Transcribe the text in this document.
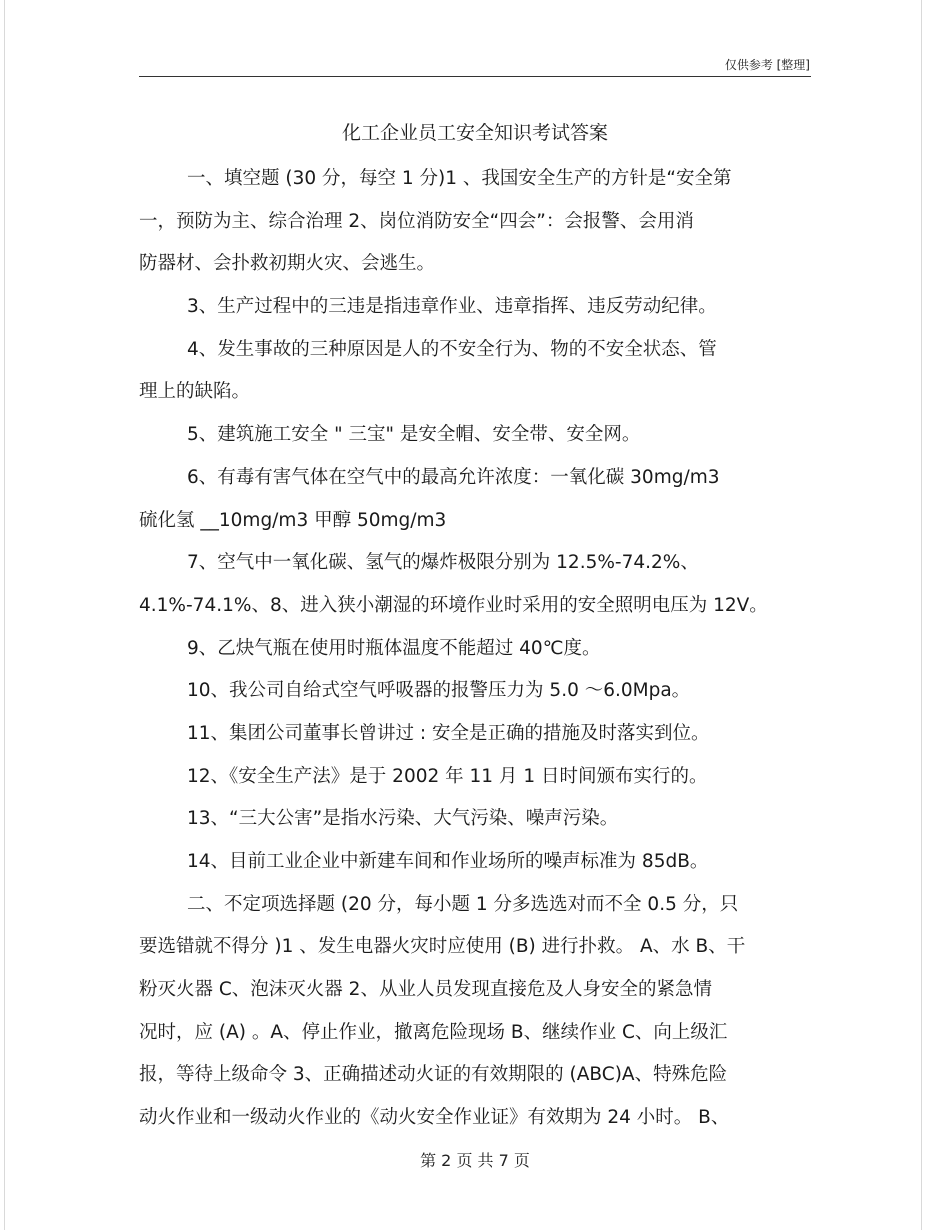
仅供参考 [整理]
化工企业员工安全知识考试答案
一、填空题 (30 分，每空 1 分)1 、我国安全生产的方针是“安全第
一，预防为主、综合治理 2、岗位消防安全“四会”：会报警、会用消
防器材、会扑救初期火灾、会逃生。
3、生产过程中的三违是指违章作业、违章指挥、违反劳动纪律。
4、发生事故的三种原因是人的不安全行为、物的不安全状态、管
理上的缺陷。
5、建筑施工安全 " 三宝" 是安全帽、安全带、安全网。
6、有毒有害气体在空气中的最高允许浓度：一氧化碳 30mg/m3
硫化氢 __10mg/m3 甲醇 50mg/m3
7、空气中一氧化碳、氢气的爆炸极限分别为 12.5%-74.2%、
4.1%-74.1%、8、进入狭小潮湿的环境作业时采用的安全照明电压为 12V。
9、乙炔气瓶在使用时瓶体温度不能超过 40℃度。
10、我公司自给式空气呼吸器的报警压力为 5.0 ～6.0Mpa。
11、集团公司董事长曾讲过 : 安全是正确的措施及时落实到位。
12、《安全生产法》是于 2002 年 11 月 1 日时间颁布实行的。
13、“三大公害”是指水污染、大气污染、噪声污染。
14、目前工业企业中新建车间和作业场所的噪声标准为 85dB。
二、不定项选择题 (20 分，每小题 1 分多选选对而不全 0.5 分，只
要选错就不得分 )1 、发生电器火灾时应使用 (B) 进行扑救。 A、水 B、干
粉灭火器 C、泡沫灭火器 2、从业人员发现直接危及人身安全的紧急情
况时，应 (A) 。A、停止作业，撤离危险现场 B、继续作业 C、向上级汇
报，等待上级命令 3、正确描述动火证的有效期限的 (ABC)A、特殊危险
动火作业和一级动火作业的《动火安全作业证》有效期为 24 小时。 B、
第 2 页 共 7 页
